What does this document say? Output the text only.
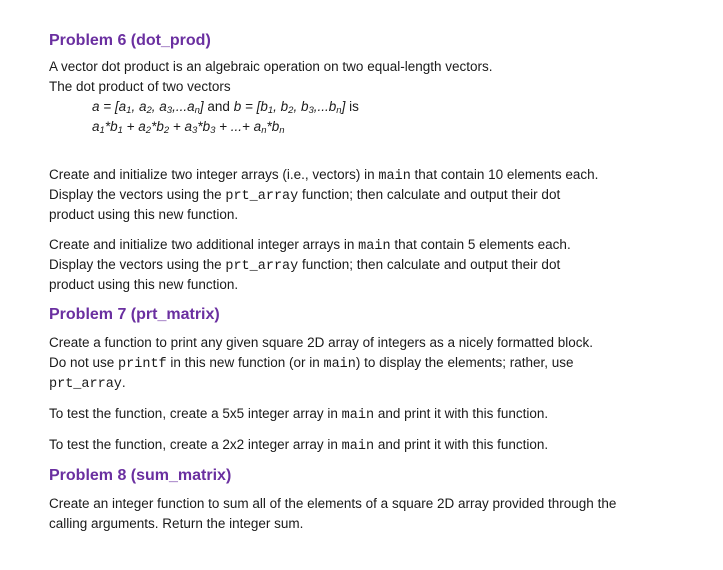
Problem 6 (dot_prod)
A vector dot product is an algebraic operation on two equal-length vectors.
The dot product of two vectors
$a = [a_1$, $a_2$, $a_3,...a_n$] and $b = [b_1$, $b_2$, $b_3,...b_n$] is
$a_1*b_1 + a_2*b_2 + a_3*b_3$ + ...+ $a_n*b_n$
Create and initialize two integer arrays (i.e., vectors) in main that contain 10 elements each.
Display the vectors using the prt_array function; then calculate and output their dot
product using this new function.
Create and initialize two additional integer arrays in main that contain 5 elements each.
Display the vectors using the prt_array function; then calculate and output their dot
product using this new function.
Problem 7 (prt_matrix)
Create a function to print any given square 2D array of integers as a nicely formatted block.
Do not use printf in this new function (or in main) to display the elements; rather, use
prt_array.
To test the function, create a 5x5 integer array in main and print it with this function.
To test the function, create a 2x2 integer array in main and print it with this function.
Problem 8 (sum_matrix)
Create an integer function to sum all of the elements of a square 2D array provided through the
calling arguments. Return the integer sum.
